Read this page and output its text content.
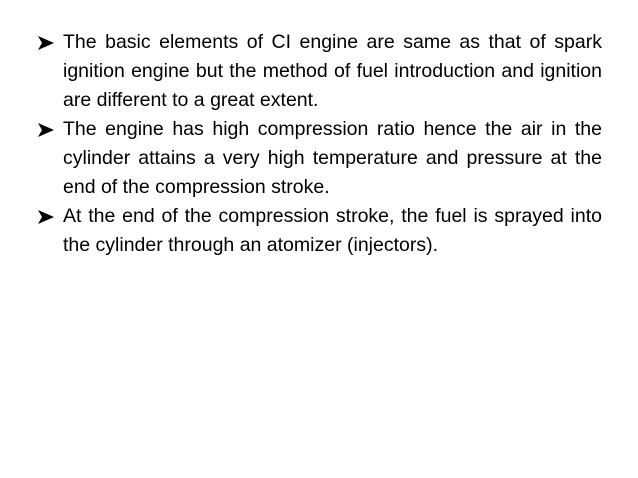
The basic elements of CI engine are same as that of spark ignition engine but the method of fuel introduction and ignition are different to a great extent.
The engine has high compression ratio hence the air in the cylinder attains a very high temperature and pressure at the end of the compression stroke.
At the end of the compression stroke, the fuel is sprayed into the cylinder through an atomizer (injectors).
